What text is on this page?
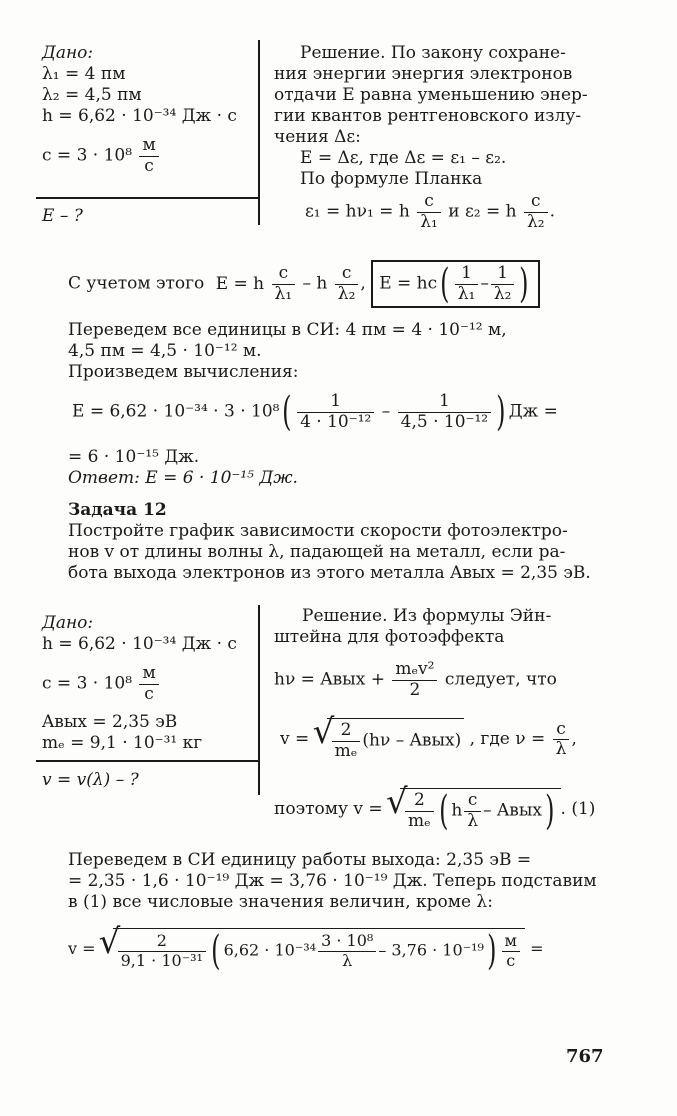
Дано:
λ₁ = 4 пм
λ₂ = 4,5 пм
h = 6,62 · 10⁻³⁴ Дж · с
$c = 3 \cdot 10^8 \frac{м}{с}$
E – ?
Решение. По закону сохране-
ния энергии энергия электронов
отдачи E равна уменьшению энер-
гии квантов рентгеновского излу-
чения Δε:
E = Δε, где Δε = ε₁ – ε₂.
По формуле Планка
ε₁ = hν₁ = h $\frac{c}{\text{λ₁}}$ и ε₂ = h $\frac{c}{\text{λ₂}}$ .
С учетом этого E = h $\frac{c}{\text{λ₁}}$ – h $\frac{c}{\text{λ₂}}$ , $E = hc( \frac{1}{\text{λ₁}} - \frac{1}{\text{λ₂}}$ )
Переведем все единицы в СИ: 4 пм = 4 · 10⁻¹² м,
4,5 пм = 4,5 · 10⁻¹² м.
Произведем вычисления:
$E = 6,62 \cdot 10^{-34} \cdot 3 \cdot 10^8( \frac{1}{\text{4 · 10⁻¹²}} - \frac{1}{\text{4,5 · 10⁻¹²}}$ ) Дж =
= 6 · 10⁻¹⁵ Дж.
Ответ: E = 6 · 10⁻¹⁵ Дж.
Задача 12
Постройте график зависимости скорости фотоэлектро-
нов v от длины волны λ, падающей на металл, если ра-
бота выхода электронов из этого металла Aвых = 2,35 эВ.
Дано:
h = 6,62 · 10⁻³⁴ Дж · с
$c = 3 \cdot 10^8 \frac{м}{с}$
Aвых = 2,35 эВ
mₑ = 9,1 · 10⁻³¹ кг
v = v(λ) – ?
Решение. Из формулы Эйн-
штейна для фотоэффекта
hν = Aвых + $\frac{\text{mₑv²}}{2}$ следует, что
v = √ $\frac{2}{\text{mₑ}} (h\nu$ – Aвых) , где $\nu = \frac{c}{\lambda}$ ,
поэтому v = √ $\frac{2}{\text{mₑ}}$ ( h $\frac{c}{\lambda}$ – Aвых) . (1)
Переведем в СИ единицу работы выхода: 2,35 эВ =
= 2,35 · 1,6 · 10⁻¹⁹ Дж = 3,76 · 10⁻¹⁹ Дж. Теперь подставим
в (1) все числовые значения величин, кроме λ:
v = √ $\frac{2}{\text{9,1 · 10⁻³¹}}$ ( $6,62 \cdot 10^{-34} \frac{\text{3 · 10⁸}}{\lambda} - 3,76 \cdot 10^{-19}) \frac{м}{с}$ =
767
